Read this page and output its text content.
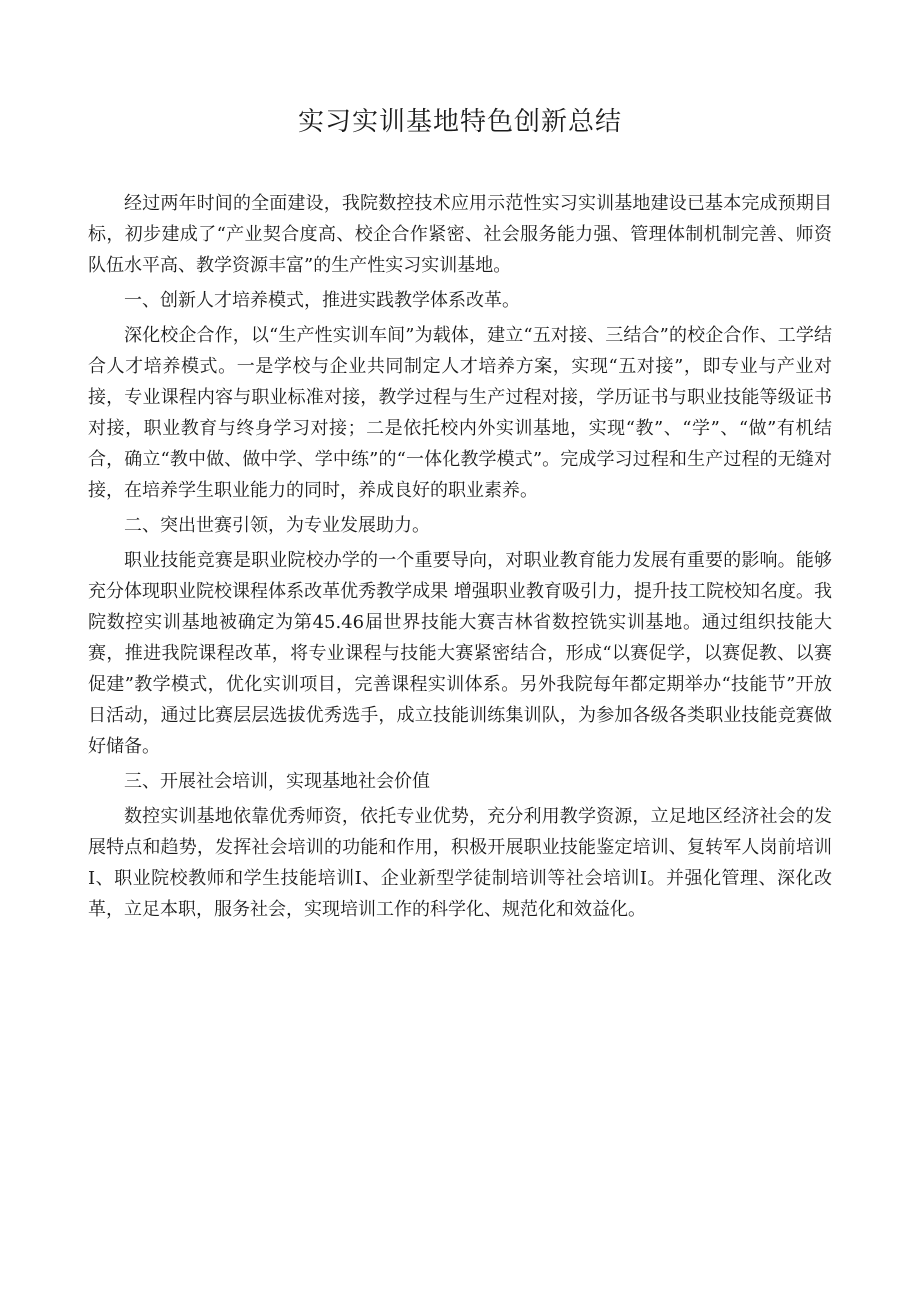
实习实训基地特色创新总结

经过两年时间的全面建设，我院数控技术应用示范性实习实训基地建设已基本完成预期目标，初步建成了“产业契合度高、校企合作紧密、社会服务能力强、管理体制机制完善、师资队伍水平高、教学资源丰富”的生产性实习实训基地。

一、创新人才培养模式，推进实践教学体系改革。

深化校企合作，以“生产性实训车间”为载体，建立“五对接、三结合”的校企合作、工学结合人才培养模式。一是学校与企业共同制定人才培养方案，实现“五对接”，即专业与产业对接，专业课程内容与职业标准对接，教学过程与生产过程对接，学历证书与职业技能等级证书对接，职业教育与终身学习对接；二是依托校内外实训基地，实现“教”、“学”、“做”有机结合，确立“教中做、做中学、学中练”的“一体化教学模式”。完成学习过程和生产过程的无缝对接，在培养学生职业能力的同时，养成良好的职业素养。

二、突出世赛引领，为专业发展助力。

职业技能竞赛是职业院校办学的一个重要导向，对职业教育能力发展有重要的影响。能够充分体现职业院校课程体系改革优秀教学成果 增强职业教育吸引力，提升技工院校知名度。我院数控实训基地被确定为第45.46届世界技能大赛吉林省数控铣实训基地。通过组织技能大赛，推进我院课程改革，将专业课程与技能大赛紧密结合，形成“以赛促学，以赛促教、以赛促建”教学模式，优化实训项目，完善课程实训体系。另外我院每年都定期举办“技能节”开放日活动，通过比赛层层选拔优秀选手，成立技能训练集训队，为参加各级各类职业技能竞赛做好储备。

三、开展社会培训，实现基地社会价值

数控实训基地依靠优秀师资，依托专业优势，充分利用教学资源，立足地区经济社会的发展特点和趋势，发挥社会培训的功能和作用，积极开展职业技能鉴定培训、复转军人岗前培训I、职业院校教师和学生技能培训I、企业新型学徒制培训等社会培训I。并强化管理、深化改革，立足本职，服务社会，实现培训工作的科学化、规范化和效益化。
